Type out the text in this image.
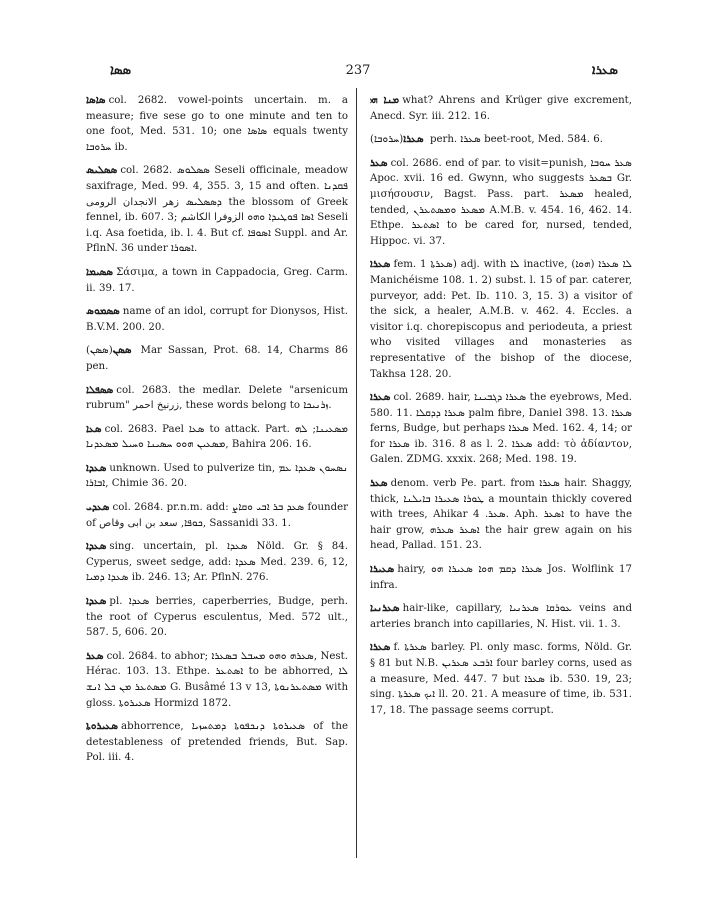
ܣܣܐ	237	ܣܥܪܐ

ܣܐܣܐ col. 2682. vowel-points uncertain. m. a measure; five sese go to one minute and ten to one foot, Med. 531. 10; one ܣܐܣܐ equals twenty ܚܪܘܒܐ ib.

ܣܣܠܝܣ col. 2682. ܣܣܠܘܣ Seseli officinale, meadow saxifrage, Med. 99. 4, 355. 3, 15 and often. ܦܩܕܢܐ ܕܣܣܠܝܣ زهر الانجدان الرومى the blossom of Greek fennel, ib. 607. 3; ܐܣܐ ܦܘܛܝܕܐ ܘܗܘ الزوفرا الكاشم Seseli i.q. Asa foetida, ib. l. 4. But cf. ܐܣܘܦܐ Suppl. and Ar. PflnN. 36 under ܐܣܘܪܐ.

ܣܣܝܡܐ Σάσιμα, a town in Cappadocia, Greg. Carm. ii. 39. 17.

ܣܣܡܘܣ name of an idol, corrupt for Dionysos, Hist. B.V.M. 200. 20.

ܣܣܢ(ܣܣܢ) Mar Sassan, Prot. 68. 14, Charms 86 pen.

ܣܣܦܠܐ col. 2683. the medlar. Delete "arsenicum rubrum" زرنيخ احمر, these words belong to ܙܪܢܝܟܐ.

ܣܥܐ col. 2683. Pael ܣܥܐ to attack. Part. ܡܣܥܝܢܐ; ܠܗ ܡܣܥܝܢ ܗܘܘ ܚܣܝܢܐ ܘܚܝܠ ܡܣܥܕܢܐ, Bahira 206. 16.

ܣܥܕܐ unknown. Used to pulverize tin, ܢܣܚܘܢ ܣܥܕܐ ܥܡ ܐܒܐܪܐ, Chimie 36. 20.

ܣܥܕܝ col. 2684. pr.n.m. add: ܣܥܕ ܒܪ ܐܒܝ ܘܩܐܨ founder of ܟܘܦܐ, سعد بن ابى وقاص, Sassanidi 33. 1.

ܣܥܕܐ sing. uncertain, pl. ܣܥܕܐ Nöld. Gr. § 84. Cyperus, sweet sedge, add: ܣܥܕܐ Med. 239. 6, 12, ܣܥܕܐ ܕܡܝܐ ib. 246. 13; Ar. PflnN. 276.

ܣܥܕܐ pl. ܣܥܕܐ berries, caperberries, Budge, perh. the root of Cyperus esculentus, Med. 572 ult., 587. 5, 606. 20.

ܣܥܪ col. 2684. to abhor; ܣܥܪܗ ܘܗܘ ܡܚܒܠ ܒܣܥܪܐ, Nest. Hérac. 103. 13. Ethpe. ܐܣܬܥܪ to be abhorred, ܠܐ ܡܣܬܥܪ ܡܢ ܟܠ ܐܢܫ G. Busâmé 13 v 13, ܡܣܬܥܪܢܘܬܐ with gloss. ܣܥܝܪܘܬܐ Hormizd 1872.

ܣܥܝܪܘܬܐ abhorrence, ܣܥܝܪܘܬܐ ܕܢܟܦܘܬܐ ܕܡܬܚܙܝܐ of the detestableness of pretended friends, But. Sap. Pol. iii. 4.

ܡܢܐ ܗܝ what? Ahrens and Krüger give excrement, Anecd. Syr. iii. 212. 16.

ܣܥܪܐ(ܚܪܘܒܐ) perh. ܣܥܪܐ beet-root, Med. 584. 6.

ܣܥܪ col. 2686. end of par. to visit=punish, ܣܥܪ ܚܘܒܐ Apoc. xvii. 16 ed. Gwynn, who suggests ܒܣܥܪ Gr. μισήσουσιν, Bagst. Pass. part. ܡܣܥܪ healed, tended, ܡܣܥܪ ܘܡܣܬܥܪܢ A.M.B. v. 454. 16, 462. 14. Ethpe. ܐܣܬܥܪ to be cared for, nursed, tended, Hippoc. vi. 37.

ܣܥܪܐ fem. ܣܥܪܬܐ 1) adj. with ܠܐ inactive, ܠܐ ܣܥܪܐ (ܗܘܐ) Manichéisme 108. 1. 2) subst. l. 15 of par. caterer, purveyor, add: Pet. Ib. 110. 3, 15. 3) a visitor of the sick, a healer, A.M.B. v. 462. 4. Eccles. a visitor i.q. chorepiscopus and periodeuta, a priest who visited villages and monasteries as representative of the bishop of the diocese, Takhsa 128. 20.

ܣܥܪܐ col. 2689. hair, ܣܥܪܐ ܕܓܒܝܢܐ the eyebrows, Med. 580. 11. ܣܥܪܐ ܕܕܩܠܐ palm fibre, Daniel 398. 13. ܣܥܪܐ ferns, Budge, but perhaps ܣܥܪܐ Med. 162. 4, 14; or for ܣܥܪܐ ib. 316. 8 as l. 2. ܣܥܪܐ add: τὸ ἀδίαντον, Galen. ZDMG. xxxix. 268; Med. 198. 19.

ܣܥܪ denom. verb Pe. part. from ܣܥܪܐ hair. Shaggy, thick, ܛܘܪܐ ܣܥܝܪܐ ܒܐܝܠܢܐ a mountain thickly covered with trees, Ahikar ܣܥܪ. 4. Aph. ܐܣܥܪ to have the hair grow, ܐܣܥܪ ܣܥܪܗ the hair grew again on his head, Pallad. 151. 23.

ܣܥܝܪܐ hairy, ܣܥܪܐ ܕܩܡ ܗܘܐ ܣܥܝܪܐ ܗܘ Jos. Wolflink 17 infra.

ܣܥܪܢܝܐ hair-like, capillary, ܥܘܪܩܐ ܣܥܪܢܝܐ veins and arteries branch into capillaries, N. Hist. vii. 1. 3.

ܣܥܪܐ f. ܣܥܪܬܐ barley. Pl. only masc. forms, Nöld. Gr. § 81 but N.B. ܐܪܒܥ ܣܥܪܝܢ four barley corns, used as a measure, Med. 447. 7 but ܣܥܪܐ ib. 530. 19, 23; sing. ܐܝܟ ܣܥܪܬܐ ll. 20. 21. A measure of time, ib. 531. 17, 18. The passage seems corrupt.
